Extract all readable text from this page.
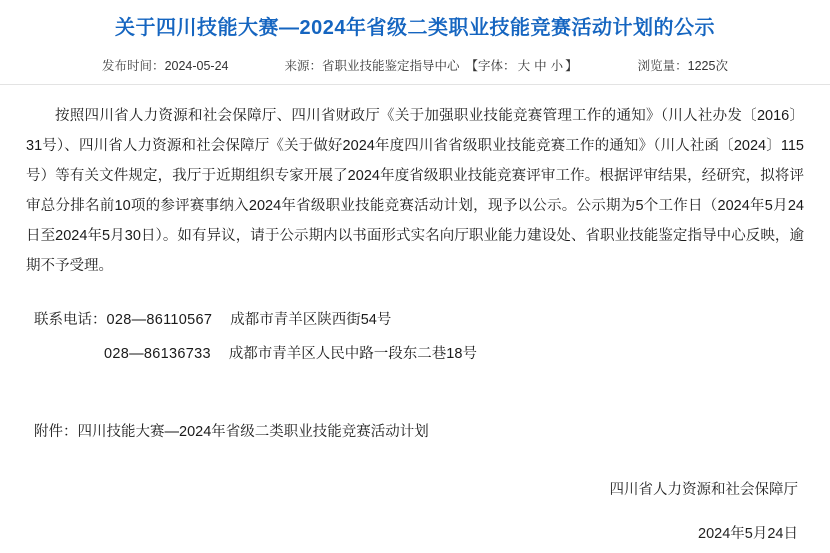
关于四川技能大赛—2024年省级二类职业技能竞赛活动计划的公示
发布时间：2024-05-24	来源：省职业技能鉴定指导中心 【字体： 大 中 小 】	浏览量：1225次

按照四川省人力资源和社会保障厅、四川省财政厅《关于加强职业技能竞赛管理工作的通知》（川人社办发〔2016〕31号）、四川省人力资源和社会保障厅《关于做好2024年度四川省省级职业技能竞赛工作的通知》（川人社函〔2024〕115号）等有关文件规定，我厅于近期组织专家开展了2024年度省级职业技能竞赛评审工作。根据评审结果，经研究，拟将评审总分排名前10项的参评赛事纳入2024年省级职业技能竞赛活动计划，现予以公示。公示期为5个工作日（2024年5月24日至2024年5月30日）。如有异议，请于公示期内以书面形式实名向厅职业能力建设处、省职业技能鉴定指导中心反映，逾期不予受理。

联系电话：028—86110567 成都市青羊区陕西街54号
028—86136733 成都市青羊区人民中路一段东二巷18号
附件：四川技能大赛—2024年省级二类职业技能竞赛活动计划
四川省人力资源和社会保障厅
2024年5月24日
